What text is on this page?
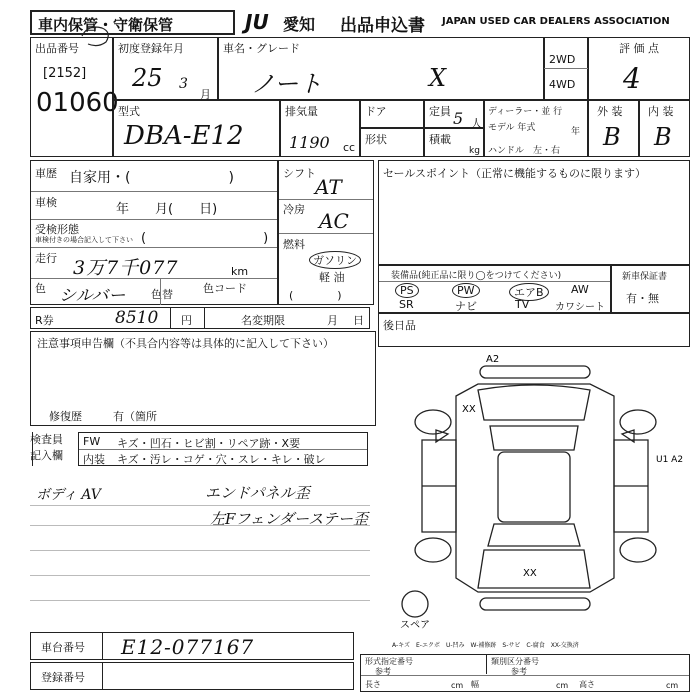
車内保管・守衛保管	JU 愛知 出品申込書 JAPAN USED CAR DEALERS ASSOCIATION
出品番号
[2152]
01060
初度登録年月
25 3
月
車名・グレード
ノート	X
2WD
4WD
評 価 点
4
型式
DBA-E12
排気量
1190 cc
ドア
形状
定員 5 人
積載
kg
ディーラー・並 行
モデル 年式	年
ハンドル　左・右
外 装
B
内 装
B
車歴 自家用・(　　　　　　　)
車検	年　　月(　　日)
受検形態
車検付きの場合記入して下さい (　　　　　　　　　)
走行 3万7千077	km
色 シルバー 色替	色コード
シフト
AT
冷房 AC
燃料
ガソリン
軽 油
(　　　　)
セールスポイント（正常に機能するものに限ります）
装備品(純正品に限り◯をつけてください)
PS	PW	エアB	AW
SR	ナビ	TV	カワシート
新車保証書
有・無
R券	8510 円	名変期限	月 日 後日品
注意事項申告欄（不具合内容等は具体的に記入して下さい）
修復歴	有（箇所
検査員記入欄
FW キズ・凹石・ヒビ割・リペア跡・X要
内装 キズ・汚レ・コゲ・穴・スレ・キレ・破レ
ボディ AV	エンドパネル歪
左Fフェンダーステー歪
A2
XX
U1 A2
XX
スペア
A-キズ　E-エクボ　U-凹み　W-補修跡　S-サビ　C-腐食　XX-交換済
車台番号 E12-077167
登録番号
形式指定番号
参考
類別区分番号
参考
長さ	cm 幅	cm 高さ	cm
